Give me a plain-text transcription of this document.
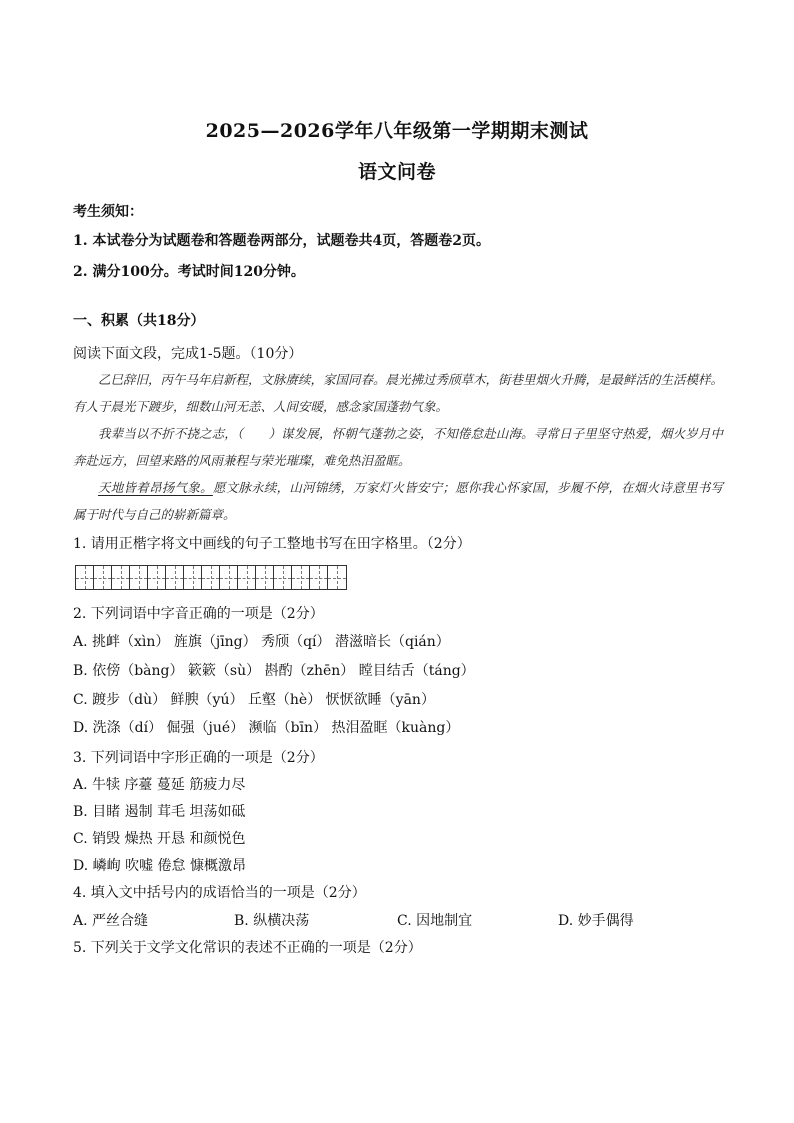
2025—2026学年八年级第一学期期末测试
语文问卷
考生须知：
1. 本试卷分为试题卷和答题卷两部分，试题卷共4页，答题卷2页。
2. 满分100分。考试时间120分钟。
一、积累（共18分）
阅读下面文段，完成1-5题。（10分）

乙巳辞旧，丙午马年启新程，文脉赓续，家国同春。晨光拂过秀颀草木，街巷里烟火升腾，是最鲜活的生活模样。有人于晨光下踱步，细数山河无恙、人间安暖，感念家国蓬勃气象。

我辈当以不折不挠之志，（　　）谋发展，怀朝气蓬勃之姿，不知倦怠赴山海。寻常日子里坚守热爱，烟火岁月中奔赴远方，回望来路的风雨兼程与荣光璀璨，难免热泪盈眶。

天地皆着昂扬气象。愿文脉永续，山河锦绣，万家灯火皆安宁；愿你我心怀家国，步履不停，在烟火诗意里书写属于时代与自己的崭新篇章。

1. 请用正楷字将文中画线的句子工整地书写在田字格里。（2分）
2. 下列词语中字音正确的一项是（2分）
A. 挑衅（xìn） 旌旗（jīng） 秀颀（qí） 潜滋暗长（qián）
B. 依傍（bàng） 簌簌（sù） 斟酌（zhēn） 瞠目结舌（táng）
C. 踱步（dù） 鲜腴（yú） 丘壑（hè） 恹恹欲睡（yān）
D. 洗涤（dí） 倔强（jué） 濒临（bīn） 热泪盈眶（kuàng）
3. 下列词语中字形正确的一项是（2分）
A. 牛犊 序薹 蔓延 筋疲力尽
B. 目睹 遏制 茸毛 坦荡如砥
C. 销毁 燥热 开恳 和颜悦色
D. 嶙峋 吹嘘 倦怠 慷概激昂
4. 填入文中括号内的成语恰当的一项是（2分）
A. 严丝合缝	B. 纵横决荡	C. 因地制宜	D. 妙手偶得
5. 下列关于文学文化常识的表述不正确的一项是（2分）
